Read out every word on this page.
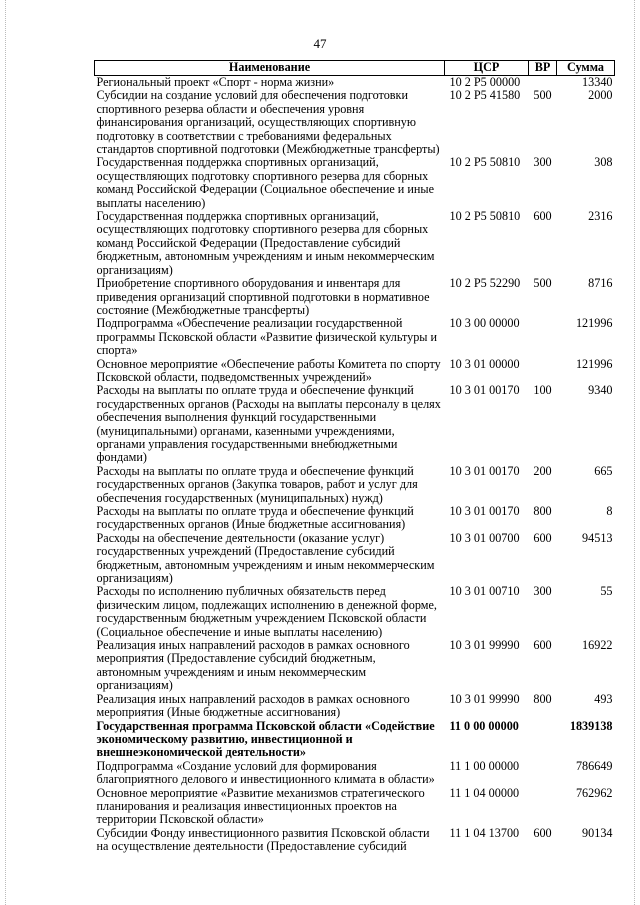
47
Наименование	ЦСР	ВР	Сумма
Региональный проект «Спорт - норма жизни»	10 2 P5 00000		13340
Субсидии на создание условий для обеспечения подготовки спортивного резерва области и обеспечения уровня финансирования организаций, осуществляющих спортивную подготовку в соответствии с требованиями федеральных стандартов спортивной подготовки (Межбюджетные трансферты)	10 2 P5 41580	500	2000
Государственная поддержка спортивных организаций, осуществляющих подготовку спортивного резерва для сборных команд Российской Федерации (Социальное обеспечение и иные выплаты населению)	10 2 P5 50810	300	308
Государственная поддержка спортивных организаций, осуществляющих подготовку спортивного резерва для сборных команд Российской Федерации (Предоставление субсидий бюджетным, автономным учреждениям и иным некоммерческим организациям)	10 2 P5 50810	600	2316
Приобретение спортивного оборудования и инвентаря для приведения организаций спортивной подготовки в нормативное состояние (Межбюджетные трансферты)	10 2 P5 52290	500	8716
Подпрограмма «Обеспечение реализации государственной программы Псковской области «Развитие физической культуры и спорта»	10 3 00 00000		121996
Основное мероприятие «Обеспечение работы Комитета по спорту Псковской области, подведомственных учреждений»	10 3 01 00000		121996
Расходы на выплаты по оплате труда и обеспечение функций государственных органов (Расходы на выплаты персоналу в целях обеспечения выполнения функций государственными (муниципальными) органами, казенными учреждениями, органами управления государственными внебюджетными фондами)	10 3 01 00170	100	9340
Расходы на выплаты по оплате труда и обеспечение функций государственных органов (Закупка товаров, работ и услуг для обеспечения государственных (муниципальных) нужд)	10 3 01 00170	200	665
Расходы на выплаты по оплате труда и обеспечение функций государственных органов (Иные бюджетные ассигнования)	10 3 01 00170	800	8
Расходы на обеспечение деятельности (оказание услуг) государственных учреждений (Предоставление субсидий бюджетным, автономным учреждениям и иным некоммерческим организациям)	10 3 01 00700	600	94513
Расходы по исполнению публичных обязательств перед физическим лицом, подлежащих исполнению в денежной форме, государственным бюджетным учреждением Псковской области (Социальное обеспечение и иные выплаты населению)	10 3 01 00710	300	55
Реализация иных направлений расходов в рамках основного мероприятия (Предоставление субсидий бюджетным, автономным учреждениям и иным некоммерческим организациям)	10 3 01 99990	600	16922
Реализация иных направлений расходов в рамках основного мероприятия (Иные бюджетные ассигнования)	10 3 01 99990	800	493
Государственная программа Псковской области «Содействие экономическому развитию, инвестиционной и внешнеэкономической деятельности»	11 0 00 00000		1839138
Подпрограмма «Создание условий для формирования благоприятного делового и инвестиционного климата в области»	11 1 00 00000		786649
Основное мероприятие «Развитие механизмов стратегического планирования и реализация инвестиционных проектов на территории Псковской области»	11 1 04 00000		762962
Субсидии Фонду инвестиционного развития Псковской области на осуществление деятельности (Предоставление субсидий	11 1 04 13700	600	90134
